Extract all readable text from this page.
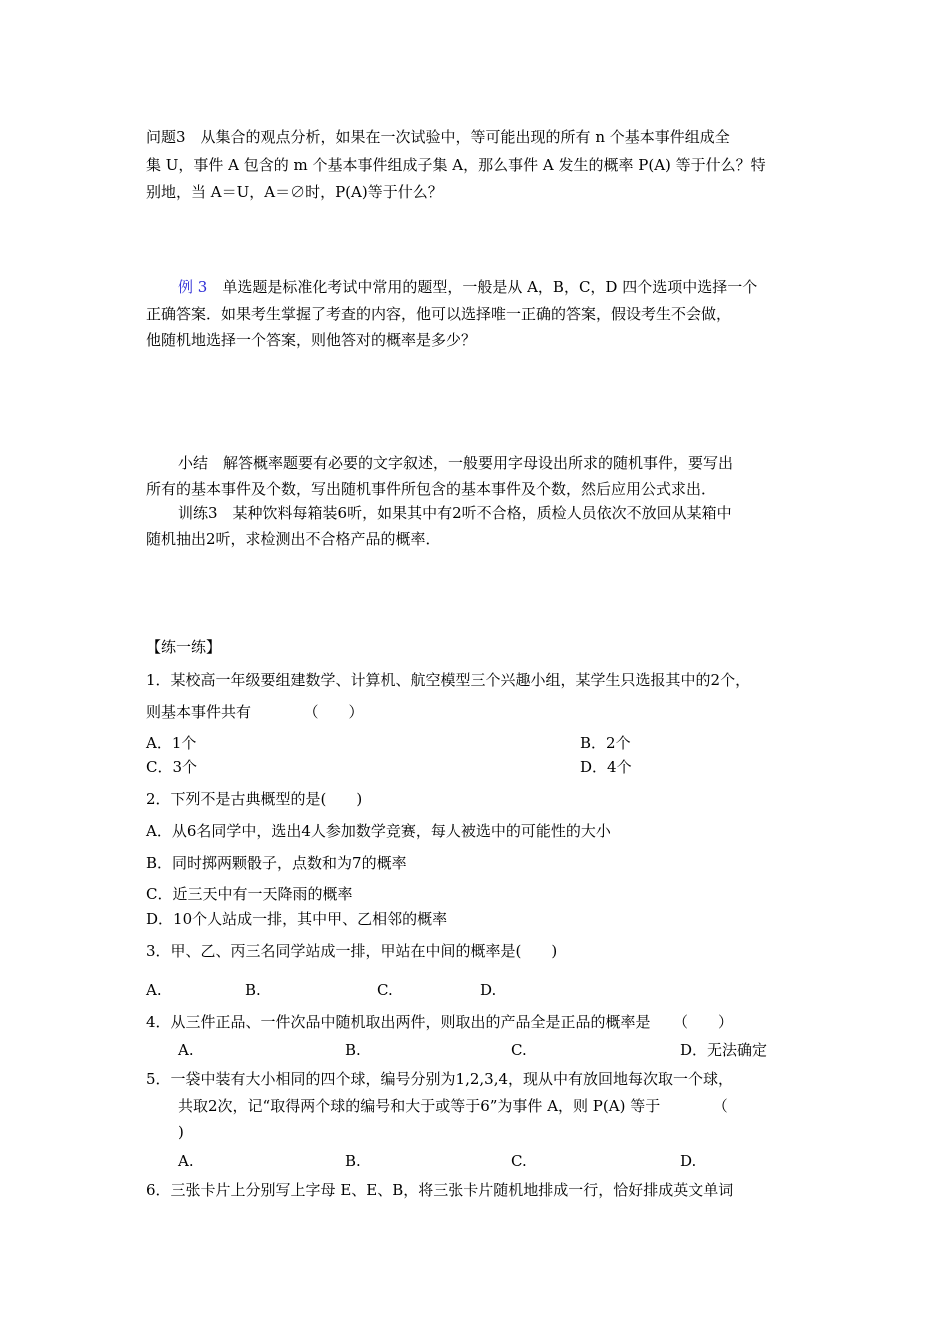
问题3　从集合的观点分析，如果在一次试验中，等可能出现的所有 n 个基本事件组成全
集 U，事件 A 包含的 m 个基本事件组成子集 A，那么事件 A 发生的概率 P(A) 等于什么？特
别地，当 A＝U，A＝∅时，P(A)等于什么？
例 3　单选题是标准化考试中常用的题型，一般是从 A，B，C，D 四个选项中选择一个
正确答案．如果考生掌握了考查的内容，他可以选择唯一正确的答案，假设考生不会做，
他随机地选择一个答案，则他答对的概率是多少？
小结　解答概率题要有必要的文字叙述，一般要用字母设出所求的随机事件，要写出
所有的基本事件及个数，写出随机事件所包含的基本事件及个数，然后应用公式求出．
训练3　某种饮料每箱装6听，如果其中有2听不合格，质检人员依次不放回从某箱中
随机抽出2听，求检测出不合格产品的概率．
【练一练】
1．某校高一年级要组建数学、计算机、航空模型三个兴趣小组，某学生只选报其中的2个，
则基本事件共有　　　　（　　）
A．1个	B．2个
C．3个	D．4个
2．下列不是古典概型的是(　　)
A．从6名同学中，选出4人参加数学竞赛，每人被选中的可能性的大小
B．同时掷两颗骰子，点数和为7的概率
C．近三天中有一天降雨的概率
D．10个人站成一排，其中甲、乙相邻的概率
3．甲、乙、丙三名同学站成一排，甲站在中间的概率是(　　)
A.	B.	C.	D.
4．从三件正品、一件次品中随机取出两件，则取出的产品全是正品的概率是　　（　　）
A.	B.	C.	D．无法确定
5．一袋中装有大小相同的四个球，编号分别为1,2,3,4，现从中有放回地每次取一个球，
共取2次，记“取得两个球的编号和大于或等于6”为事件 A，则 P(A) 等于　　　　（
)
A.	B.	C.	D.
6．三张卡片上分别写上字母 E、E、B，将三张卡片随机地排成一行，恰好排成英文单词
